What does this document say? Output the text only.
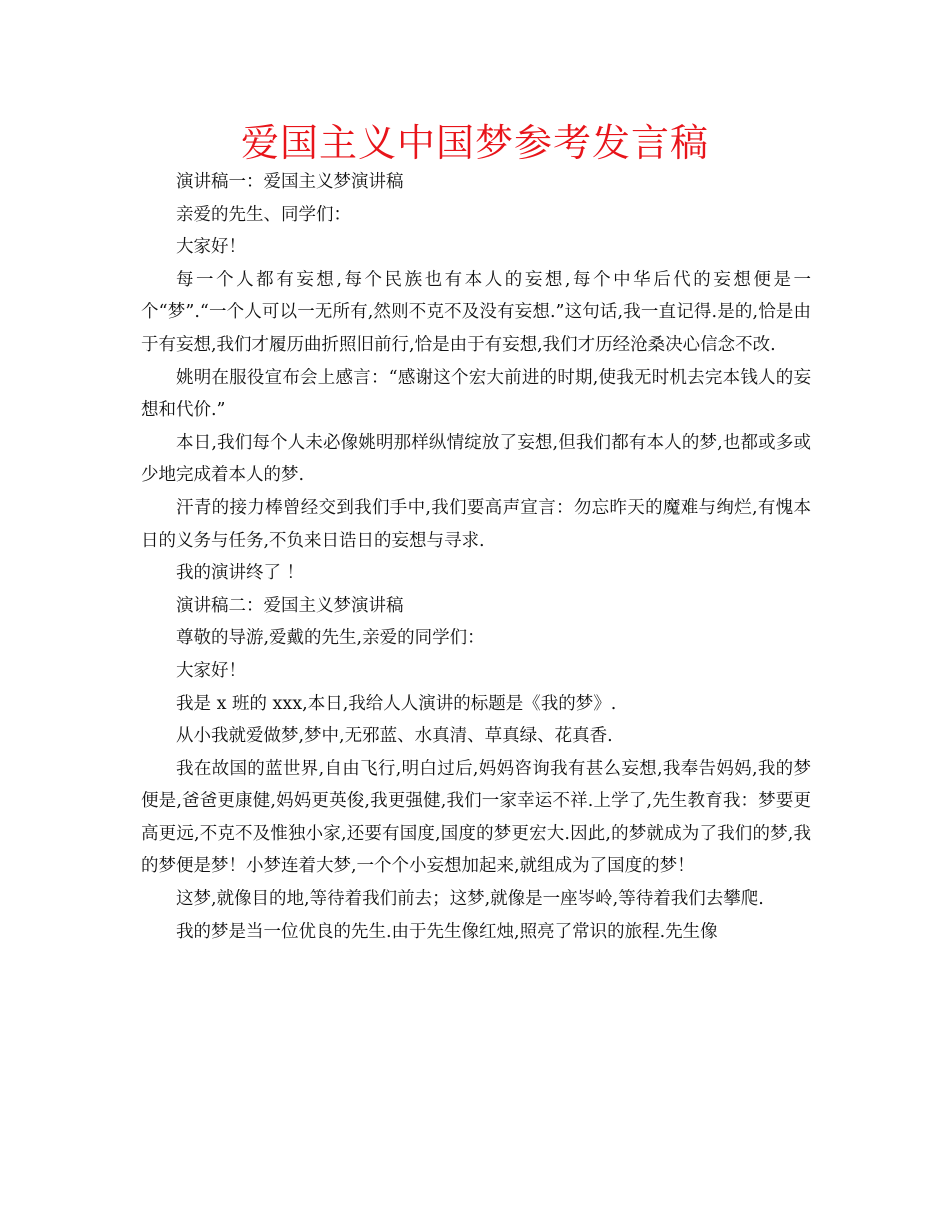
爱国主义中国梦参考发言稿

演讲稿一：爱国主义梦演讲稿

亲爱的先生、同学们：

大家好！

每一个人都有妄想,每个民族也有本人的妄想,每个中华后代的妄想便是一个“梦”.“一个人可以一无所有,然则不克不及没有妄想.”这句话,我一直记得.是的,恰是由于有妄想,我们才履历曲折照旧前行,恰是由于有妄想,我们才历经沧桑决心信念不改.

姚明在服役宣布会上感言：“感谢这个宏大前进的时期,使我无时机去完本钱人的妄想和代价.”

本日,我们每个人未必像姚明那样纵情绽放了妄想,但我们都有本人的梦,也都或多或少地完成着本人的梦.

汗青的接力棒曾经交到我们手中,我们要高声宣言：勿忘昨天的魔难与绚烂,有愧本日的义务与任务,不负来日诰日的妄想与寻求.

我的演讲终了 ！

演讲稿二：爱国主义梦演讲稿

尊敬的导游,爱戴的先生,亲爱的同学们：

大家好！

我是 x 班的 xxx,本日,我给人人演讲的标题是《我的梦》.

从小我就爱做梦,梦中,无邪蓝、水真清、草真绿、花真香.

我在故国的蓝世界,自由飞行,明白过后,妈妈咨询我有甚么妄想,我奉告妈妈,我的梦便是,爸爸更康健,妈妈更英俊,我更强健,我们一家幸运不祥.上学了,先生教育我：梦要更高更远,不克不及惟独小家,还要有国度,国度的梦更宏大.因此,的梦就成为了我们的梦,我的梦便是梦！小梦连着大梦,一个个小妄想加起来,就组成为了国度的梦！

这梦,就像目的地,等待着我们前去；这梦,就像是一座岑岭,等待着我们去攀爬.

我的梦是当一位优良的先生.由于先生像红烛,照亮了常识的旅程.先生像
